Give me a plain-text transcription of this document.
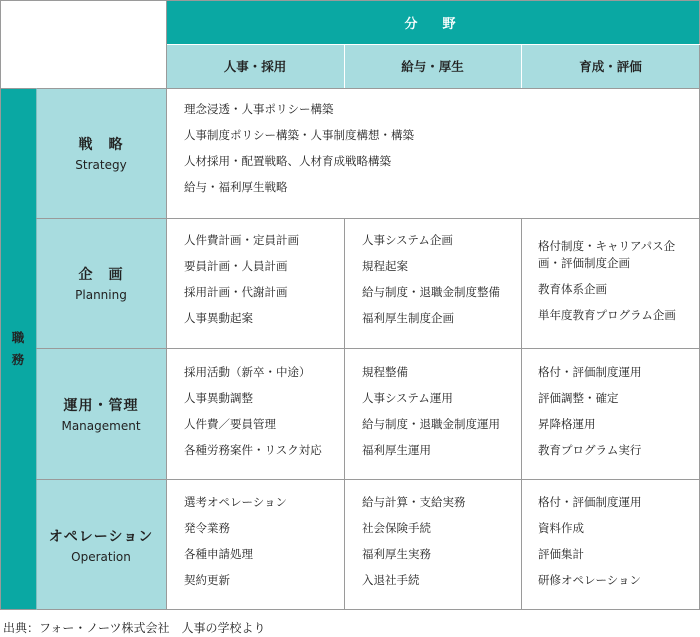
分　野
人事・採用	給与・厚生	育成・評価
職
務
戦　略
Strategy
企　画
Planning
運用・管理
Management
オペレーション
Operation
理念浸透・人事ポリシー構築
人事制度ポリシー構築・人事制度構想・構築
人材採用・配置戦略、人材育成戦略構築
給与・福利厚生戦略
人件費計画・定員計画
要員計画・人員計画
採用計画・代謝計画
人事異動起案
人事システム企画
規程起案
給与制度・退職金制度整備
福利厚生制度企画
格付制度・キャリアパス企画・評価制度企画
教育体系企画
単年度教育プログラム企画
採用活動（新卒・中途）
人事異動調整
人件費／要員管理
各種労務案件・リスク対応
規程整備
人事システム運用
給与制度・退職金制度運用
福利厚生運用
格付・評価制度運用
評価調整・確定
昇降格運用
教育プログラム実行
選考オペレーション
発令業務
各種申請処理
契約更新
給与計算・支給実務
社会保険手続
福利厚生実務
入退社手続
格付・評価制度運用
資料作成
評価集計
研修オペレーション
出典：フォー・ノーツ株式会社　人事の学校より
